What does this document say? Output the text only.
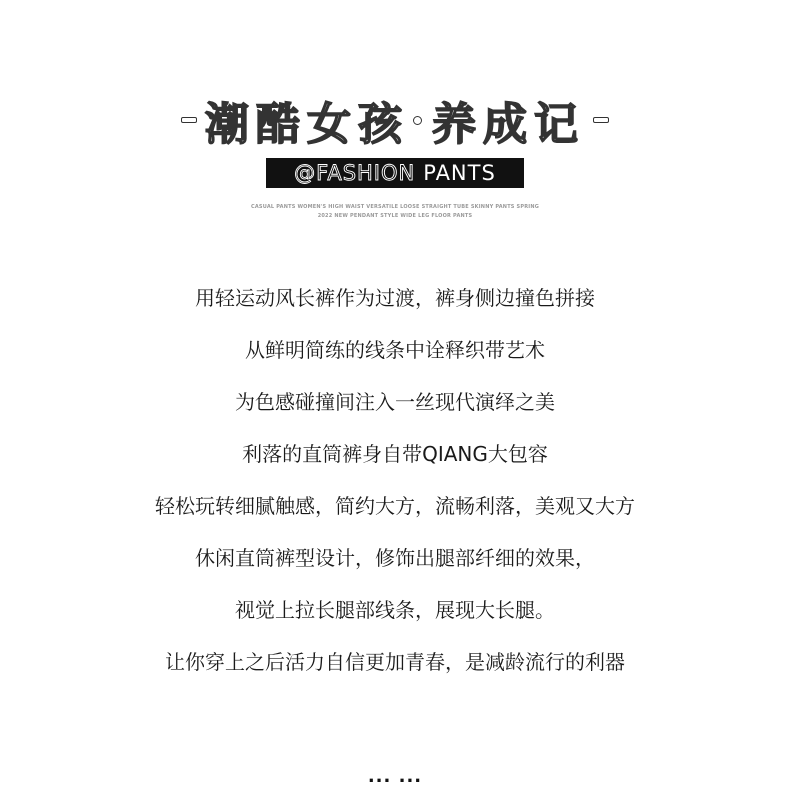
潮酷女孩 养成记
@FASHION PANTS
CASUAL PANTS WOMEN'S HIGH WAIST VERSATILE LOOSE STRAIGHT TUBE SKINNY PANTS SPRING
2022 NEW PENDANT STYLE WIDE LEG FLOOR PANTS
用轻运动风长裤作为过渡，裤身侧边撞色拼接
从鲜明简练的线条中诠释织带艺术
为色感碰撞间注入一丝现代演绎之美
利落的直筒裤身自带QIANG大包容
轻松玩转细腻触感，简约大方，流畅利落，美观又大方
休闲直筒裤型设计，修饰出腿部纤细的效果，
视觉上拉长腿部线条，展现大长腿。
让你穿上之后活力自信更加青春，是减龄流行的利器
... ...
